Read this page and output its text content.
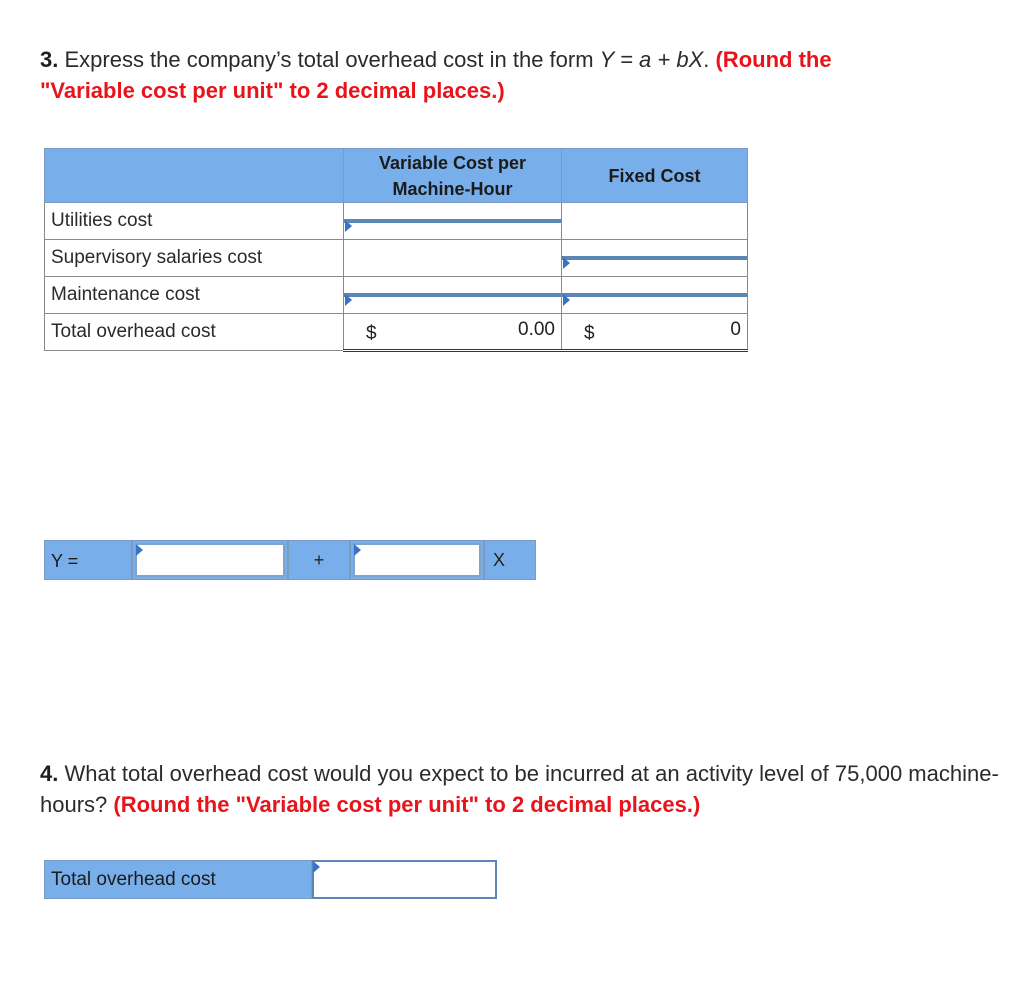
3. Express the company’s total overhead cost in the form Y = a + bX. (Round the
"Variable cost per unit" to 2 decimal places.)
	Variable Cost per Machine-Hour	Fixed Cost
Utilities cost	

Supervisory salaries cost	

Maintenance cost	

Total overhead cost	$ 0.00	$ 0
Y =	+	X
4. What total overhead cost would you expect to be incurred at an activity level of 75,000 machine-hours? (Round the "Variable cost per unit" to 2 decimal places.)
Total overhead cost
